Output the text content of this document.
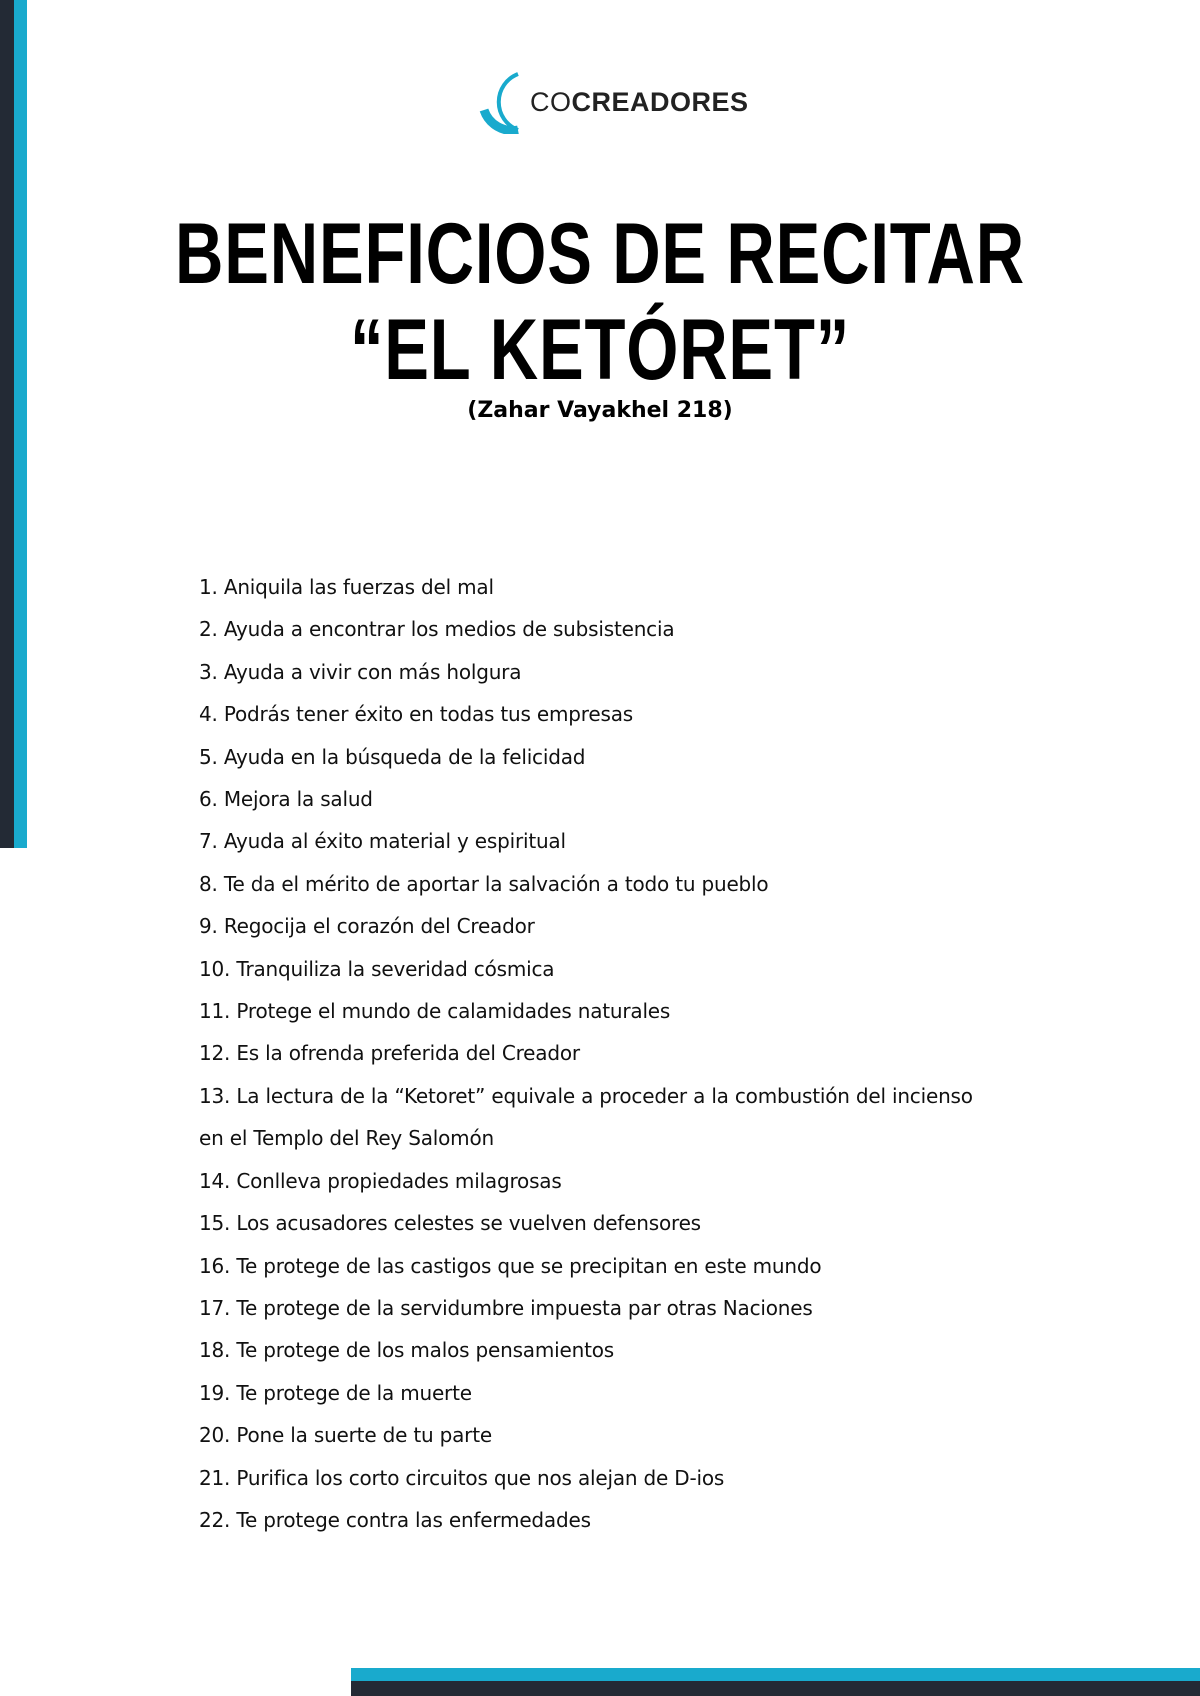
COCREADORES
BENEFICIOS DE RECITAR
“EL KETÓRET”
(Zahar Vayakhel 218)
1. Aniquila las fuerzas del mal
2. Ayuda a encontrar los medios de subsistencia
3. Ayuda a vivir con más holgura
4. Podrás tener éxito en todas tus empresas
5. Ayuda en la búsqueda de la felicidad
6. Mejora la salud
7. Ayuda al éxito material y espiritual
8. Te da el mérito de aportar la salvación a todo tu pueblo
9. Regocija el corazón del Creador
10. Tranquiliza la severidad cósmica
11. Protege el mundo de calamidades naturales
12. Es la ofrenda preferida del Creador
13. La lectura de la “Ketoret” equivale a proceder a la combustión del incienso en el Templo del Rey Salomón
14. Conlleva propiedades milagrosas
15. Los acusadores celestes se vuelven defensores
16. Te protege de las castigos que se precipitan en este mundo
17. Te protege de la servidumbre impuesta par otras Naciones
18. Te protege de los malos pensamientos
19. Te protege de la muerte
20. Pone la suerte de tu parte
21. Purifica los corto circuitos que nos alejan de D-ios
22. Te protege contra las enfermedades
